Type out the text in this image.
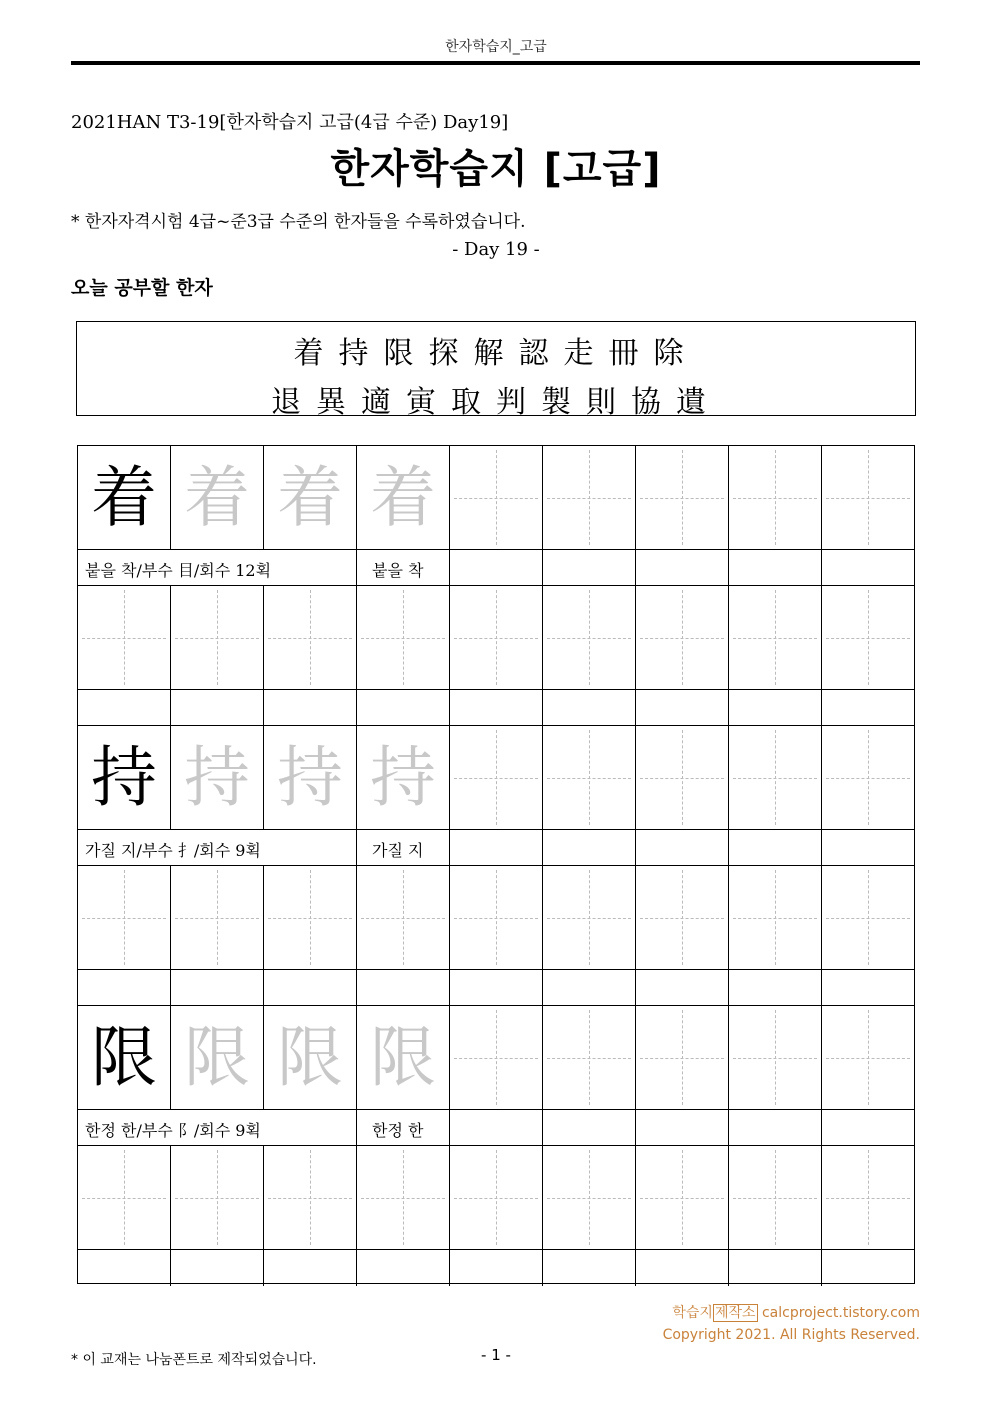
한자학습지_고급
2021HAN T3-19[한자학습지 고급(4급 수준) Day19]
한자학습지 [고급]
* 한자자격시험 4급~준3급 수준의 한자들을 수록하였습니다.
- Day 19 -
오늘 공부할 한자
着持限探解認走冊除
退異適寅取判製則協遺
着 着 着 着
붙을 착/부수 目/회수 12획	붙을 착
持 持 持 持
가질 지/부수 扌/회수 9획	가질 지
限 限 限 限
한정 한/부수 阝/회수 9획	한정 한
학습지 제작소 calcproject.tistory.com
Copyright 2021. All Rights Reserved.
* 이 교재는 나눔폰트로 제작되었습니다.	- 1 -
